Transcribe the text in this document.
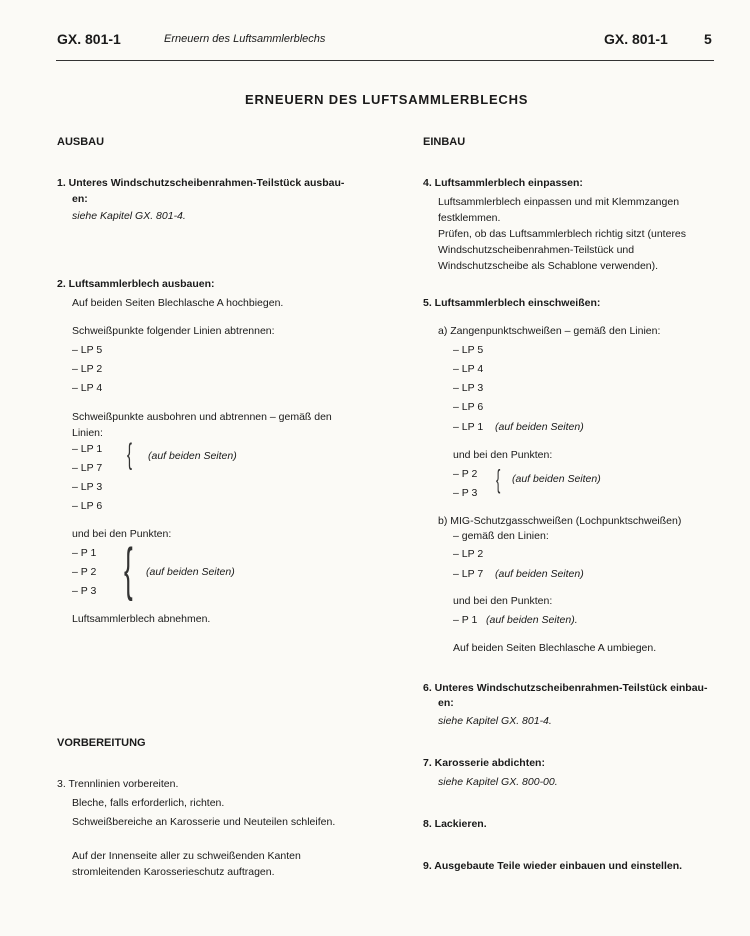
GX. 801-1	Erneuern des Luftsammlerblechs	GX. 801-1	5
ERNEUERN DES LUFTSAMMLERBLECHS
AUSBAU
1. Unteres Windschutzscheibenrahmen-Teilstück ausbau-
en:
siehe Kapitel GX. 801-4.
2. Luftsammlerblech ausbauen:
Auf beiden Seiten Blechlasche A hochbiegen.
Schweißpunkte folgender Linien abtrennen:
– LP 5
– LP 2
– LP 4
Schweißpunkte ausbohren und abtrennen – gemäß den Linien:
– LP 1
– LP 7
– LP 3
– LP 6
{ (auf beiden Seiten)
und bei den Punkten:
– P 1
– P 2
– P 3 { (auf beiden Seiten)
Luftsammlerblech abnehmen.
VORBEREITUNG
3. Trennlinien vorbereiten.
Bleche, falls erforderlich, richten.
Schweißbereiche an Karosserie und Neuteilen schleifen.
Auf der Innenseite aller zu schweißenden Kanten stromleitenden Karosserieschutz auftragen.
EINBAU
4. Luftsammlerblech einpassen:
Luftsammlerblech einpassen und mit Klemmzangen festklemmen.
Prüfen, ob das Luftsammlerblech richtig sitzt (unteres Windschutzscheibenrahmen-Teilstück und Windschutzscheibe als Schablone verwenden).
5. Luftsammlerblech einschweißen:
a) Zangenpunktschweißen – gemäß den Linien:
– LP 5
– LP 4
– LP 3
– LP 6
– LP 1 (auf beiden Seiten)
und bei den Punkten:
– P 2
– P 3 { (auf beiden Seiten)
b) MIG-Schutzgasschweißen (Lochpunktschweißen)
– gemäß den Linien:
– LP 2
– LP 7 (auf beiden Seiten)
und bei den Punkten:
– P 1 (auf beiden Seiten).
Auf beiden Seiten Blechlasche A umbiegen.
6. Unteres Windschutzscheibenrahmen-Teilstück einbau-
en:
siehe Kapitel GX. 801-4.
7. Karosserie abdichten:
siehe Kapitel GX. 800-00.
8. Lackieren.
9. Ausgebaute Teile wieder einbauen und einstellen.
